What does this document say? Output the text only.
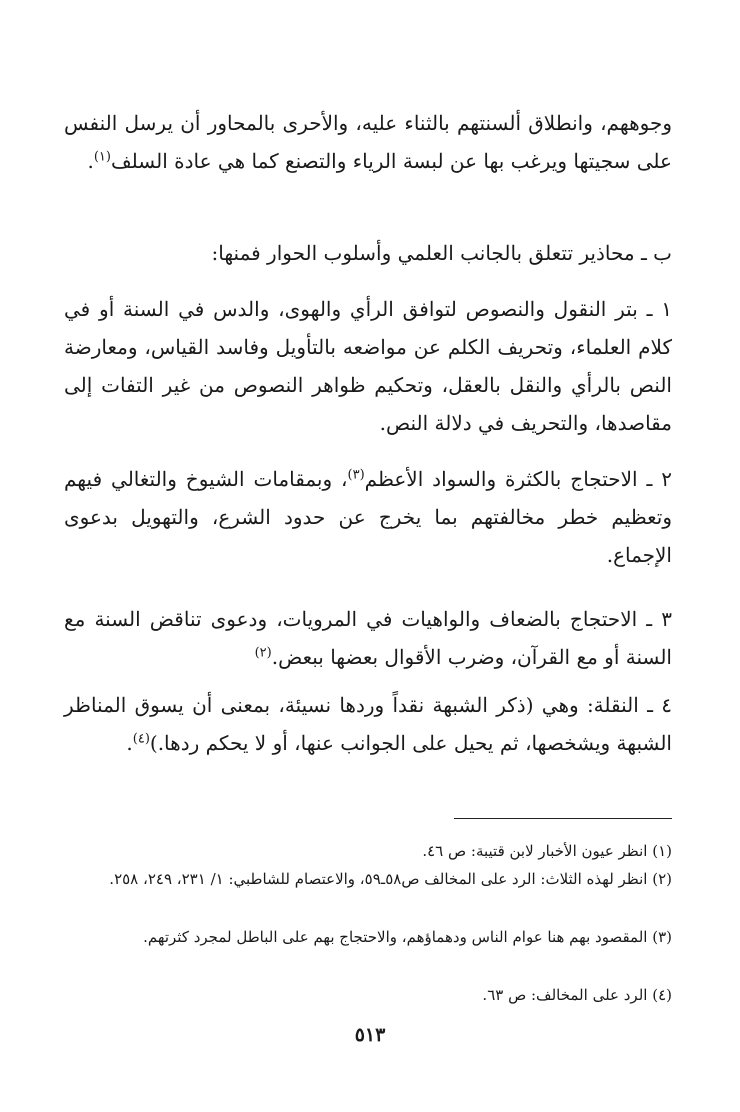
وجوههم، وانطلاق ألسنتهم بالثناء عليه، والأحرى بالمحاور أن يرسل النفس على سجيتها ويرغب بها عن لبسة الرياء والتصنع كما هي عادة السلف$^{(١)}$.

ب ـ محاذير تتعلق بالجانب العلمي وأسلوب الحوار فمنها:

١ ـ بتر النقول والنصوص لتوافق الرأي والهوى، والدس في السنة أو في كلام العلماء، وتحريف الكلم عن مواضعه بالتأويل وفاسد القياس، ومعارضة النص بالرأي والنقل بالعقل، وتحكيم ظواهر النصوص من غير التفات إلى مقاصدها، والتحريف في دلالة النص.

٢ ـ الاحتجاج بالكثرة والسواد الأعظم$^{(٣)}$، وبمقامات الشيوخ والتغالي فيهم وتعظيم خطر مخالفتهم بما يخرج عن حدود الشرع، والتهويل بدعوى الإجماع.

٣ ـ الاحتجاج بالضعاف والواهيات في المرويات، ودعوى تناقض السنة مع السنة أو مع القرآن، وضرب الأقوال بعضها ببعض.$^{(٢)}$

٤ ـ النقلة: وهي (ذكر الشبهة نقداً وردها نسيئة، بمعنى أن يسوق المناظر الشبهة ويشخصها، ثم يحيل على الجوانب عنها، أو لا يحكم ردها.)$^{(٤)}$.

(١) انظر عيون الأخبار لابن قتيبة: ص ٤٦.

(٢) انظر لهذه الثلاث: الرد على المخالف ص٥٨ـ٥٩، والاعتصام للشاطبي: ١/ ٢٣١، ٢٤٩، ٢٥٨.

(٣) المقصود بهم هنا عوام الناس ودهماؤهم، والاحتجاج بهم على الباطل لمجرد كثرتهم.

(٤) الرد على المخالف: ص ٦٣.

٥١٣
